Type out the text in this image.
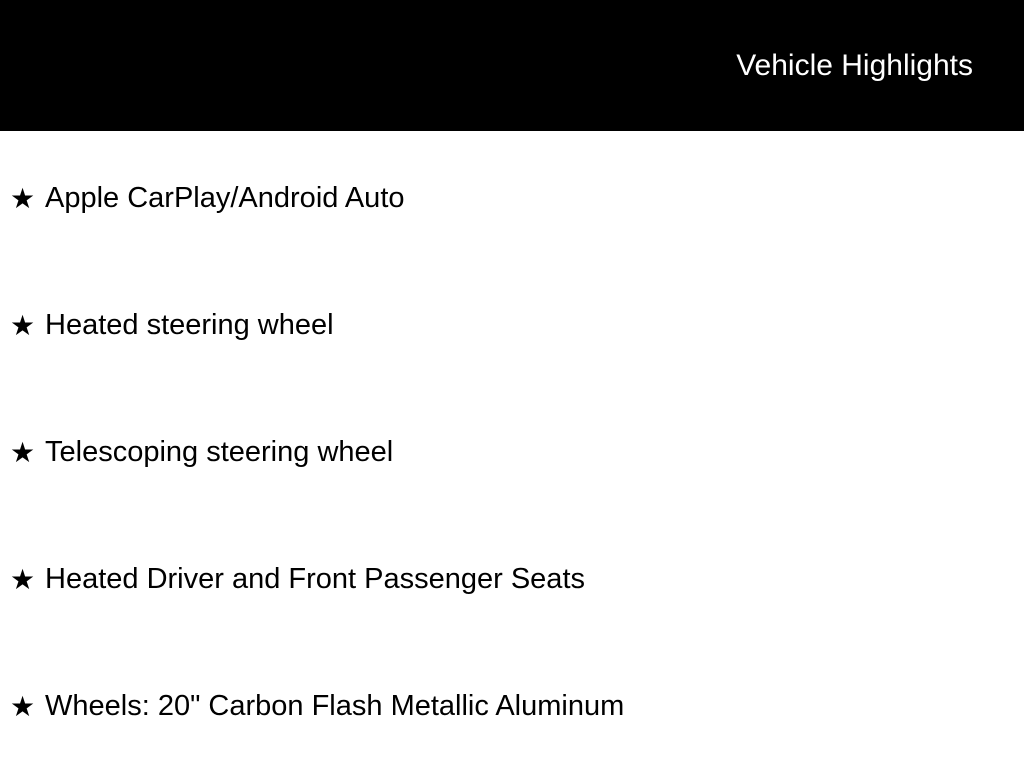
Vehicle Highlights
★ Apple CarPlay/Android Auto
★ Heated steering wheel
★ Telescoping steering wheel
★ Heated Driver and Front Passenger Seats
★ Wheels: 20" Carbon Flash Metallic Aluminum
